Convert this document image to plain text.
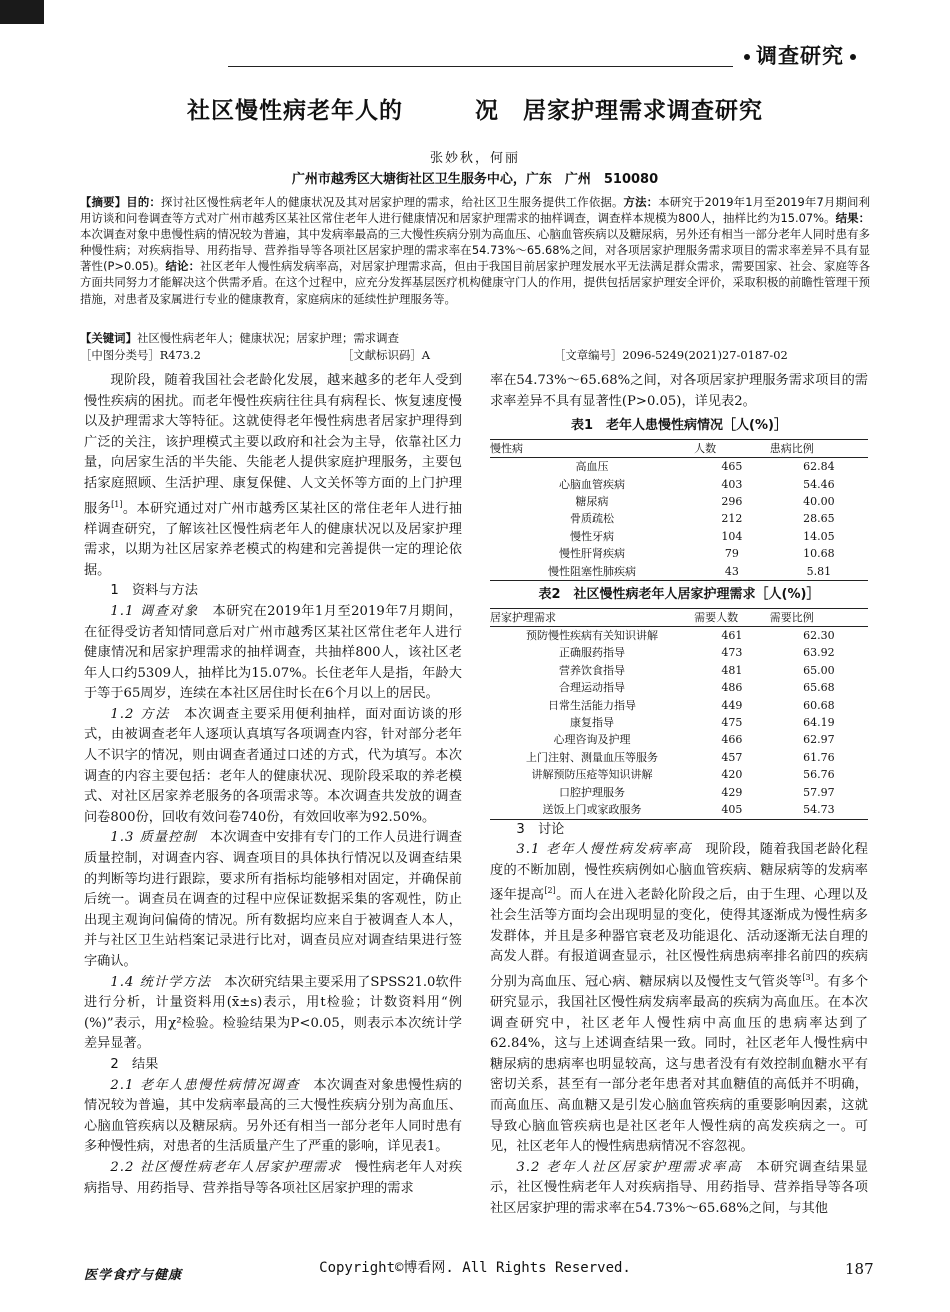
调查研究
社区慢性病老年人的　　　况　居家护理需求调查研究
张妙秋，何丽
广州市越秀区大塘街社区卫生服务中心，广东　广州　510080
【摘要】目的：探讨社区慢性病老年人的健康状况及其对居家护理的需求，给社区卫生服务提供工作依据。方法：本研究于2019年1月至2019年7月期间利用访谈和问卷调查等方式对广州市越秀区某社区常住老年人进行健康情况和居家护理需求的抽样调查，调查样本规模为800人，抽样比约为15.07%。结果：本次调查对象中患慢性病的情况较为普遍，其中发病率最高的三大慢性疾病分别为高血压、心脑血管疾病以及糖尿病，另外还有相当一部分老年人同时患有多种慢性病；对疾病指导、用药指导、营养指导等各项社区居家护理的需求率在54.73%～65.68%之间，对各项居家护理服务需求项目的需求率差异不具有显著性(P>0.05)。结论：社区老年人慢性病发病率高，对居家护理需求高，但由于我国目前居家护理发展水平无法满足群众需求，需要国家、社会、家庭等各方面共同努力才能解决这个供需矛盾。在这个过程中，应充分发挥基层医疗机构健康守门人的作用，提供包括居家护理安全评价，采取积极的前瞻性管理干预措施，对患者及家属进行专业的健康教育，家庭病床的延续性护理服务等。
【关键词】社区慢性病老年人；健康状况；居家护理；需求调查
［中图分类号］R473.2	［文献标识码］A	［文章编号］2096-5249(2021)27-0187-02

现阶段，随着我国社会老龄化发展，越来越多的老年人受到慢性疾病的困扰。而老年慢性疾病往往具有病程长、恢复速度慢以及护理需求大等特征。这就使得老年慢性病患者居家护理得到广泛的关注，该护理模式主要以政府和社会为主导，依靠社区力量，向居家生活的半失能、失能老人提供家庭护理服务，主要包括家庭照顾、生活护理、康复保健、人文关怀等方面的上门护理服务[1]。本研究通过对广州市越秀区某社区的常住老年人进行抽样调查研究，了解该社区慢性病老年人的健康状况以及居家护理需求，以期为社区居家养老模式的构建和完善提供一定的理论依据。

1　资料与方法

1.1 调查对象　本研究在2019年1月至2019年7月期间，在征得受访者知情同意后对广州市越秀区某社区常住老年人进行健康情况和居家护理需求的抽样调查，共抽样800人，该社区老年人口约5309人，抽样比为15.07%。长住老年人是指，年龄大于等于65周岁，连续在本社区居住时长在6个月以上的居民。

1.2 方法　本次调查主要采用便利抽样，面对面访谈的形式，由被调查老年人逐项认真填写各项调查内容，针对部分老年人不识字的情况，则由调查者通过口述的方式，代为填写。本次调查的内容主要包括：老年人的健康状况、现阶段采取的养老模式、对社区居家养老服务的各项需求等。本次调查共发放的调查问卷800份，回收有效问卷740份，有效回收率为92.50%。

1.3 质量控制　本次调查中安排有专门的工作人员进行调查质量控制，对调查内容、调查项目的具体执行情况以及调查结果的判断等均进行跟踪，要求所有指标均能够相对固定，并确保前后统一。调查员在调查的过程中应保证数据采集的客观性，防止出现主观询问偏倚的情况。所有数据均应来自于被调查人本人，并与社区卫生站档案记录进行比对，调查员应对调查结果进行签字确认。

1.4 统计学方法　本次研究结果主要采用了SPSS21.0软件进行分析，计量资料用(x̄±s)表示，用t检验；计数资料用“例(%)”表示，用χ²检验。检验结果为P<0.05，则表示本次统计学差异显著。

2　结果

2.1 老年人患慢性病情况调查　本次调查对象患慢性病的情况较为普遍，其中发病率最高的三大慢性疾病分别为高血压、心脑血管疾病以及糖尿病。另外还有相当一部分老年人同时患有多种慢性病，对患者的生活质量产生了严重的影响，详见表1。

2.2 社区慢性病老年人居家护理需求　慢性病老年人对疾病指导、用药指导、营养指导等各项社区居家护理的需求

率在54.73%～65.68%之间，对各项居家护理服务需求项目的需求率差异不具有显著性(P>0.05)，详见表2。

表1　老年人患慢性病情况［人(%)］
慢性病	人数	患病比例
高血压	465	62.84
心脑血管疾病	403	54.46
糖尿病	296	40.00
骨质疏松	212	28.65
慢性牙病	104	14.05
慢性肝肾疾病	79	10.68
慢性阻塞性肺疾病	43	5.81
表2　社区慢性病老年人居家护理需求［人(%)］
居家护理需求	需要人数	需要比例
预防慢性疾病有关知识讲解	461	62.30
正确服药指导	473	63.92
营养饮食指导	481	65.00
合理运动指导	486	65.68
日常生活能力指导	449	60.68
康复指导	475	64.19
心理咨询及护理	466	62.97
上门注射、测量血压等服务	457	61.76
讲解预防压疮等知识讲解	420	56.76
口腔护理服务	429	57.97
送饭上门或家政服务	405	54.73
3　讨论

3.1 老年人慢性病发病率高　现阶段，随着我国老龄化程度的不断加剧，慢性疾病例如心脑血管疾病、糖尿病等的发病率逐年提高[2]。而人在进入老龄化阶段之后，由于生理、心理以及社会生活等方面均会出现明显的变化，使得其逐渐成为慢性病多发群体，并且是多种器官衰老及功能退化、活动逐渐无法自理的高发人群。有报道调查显示，社区慢性病患病率排名前四的疾病分别为高血压、冠心病、糖尿病以及慢性支气管炎等[3]。有多个研究显示，我国社区慢性病发病率最高的疾病为高血压。在本次调查研究中，社区老年人慢性病中高血压的患病率达到了62.84%，这与上述调查结果一致。同时，社区老年人慢性病中糖尿病的患病率也明显较高，这与患者没有有效控制血糖水平有密切关系，甚至有一部分老年患者对其血糖值的高低并不明确，而高血压、高血糖又是引发心脑血管疾病的重要影响因素，这就导致心脑血管疾病也是社区老年人慢性病的高发疾病之一。可见，社区老年人的慢性病患病情况不容忽视。

3.2 老年人社区居家护理需求率高　本研究调查结果显示，社区慢性病老年人对疾病指导、用药指导、营养指导等各项社区居家护理的需求率在54.73%～65.68%之间，与其他

医学食疗与健康	Copyright©博看网. All Rights Reserved.	187
